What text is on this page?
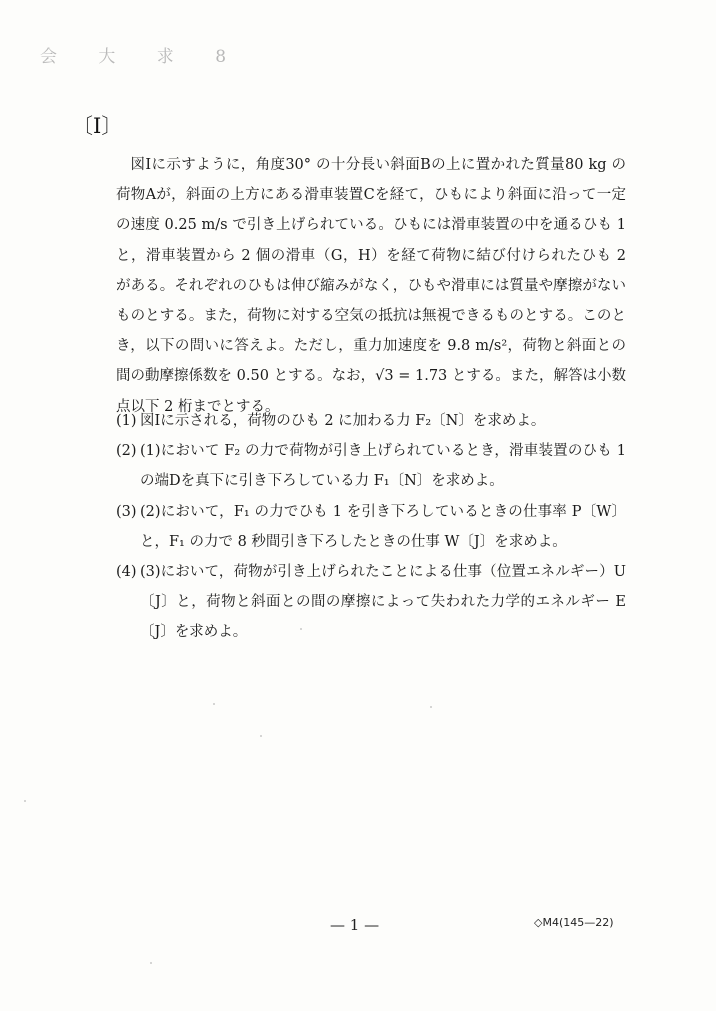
会 大 求 8
〔Ⅰ〕

図Ⅰに示すように，角度30° の十分長い斜面Bの上に置かれた質量80 kg の荷物Aが，斜面の上方にある滑車装置Cを経て，ひもにより斜面に沿って一定の速度 0.25 m/s で引き上げられている。ひもには滑車装置の中を通るひも 1 と，滑車装置から 2 個の滑車（G，H）を経て荷物に結び付けられたひも 2 がある。それぞれのひもは伸び縮みがなく，ひもや滑車には質量や摩擦がないものとする。また，荷物に対する空気の抵抗は無視できるものとする。このとき，以下の問いに答えよ。ただし，重力加速度を 9.8 m/s²，荷物と斜面との間の動摩擦係数を 0.50 とする。なお，√3 = 1.73 とする。また，解答は小数点以下 2 桁までとする。

(1) 図Ⅰに示される，荷物のひも 2 に加わる力 F₂〔N〕を求めよ。
(2) (1)において F₂ の力で荷物が引き上げられているとき，滑車装置のひも 1 の端Dを真下に引き下ろしている力 F₁〔N〕を求めよ。
(3) (2)において，F₁ の力でひも 1 を引き下ろしているときの仕事率 P〔W〕と，F₁ の力で 8 秒間引き下ろしたときの仕事 W〔J〕を求めよ。
(4) (3)において，荷物が引き上げられたことによる仕事（位置エネルギー）U〔J〕と，荷物と斜面との間の摩擦によって失われた力学的エネルギー E〔J〕を求めよ。
— 1 —	◇M4(145—22)
